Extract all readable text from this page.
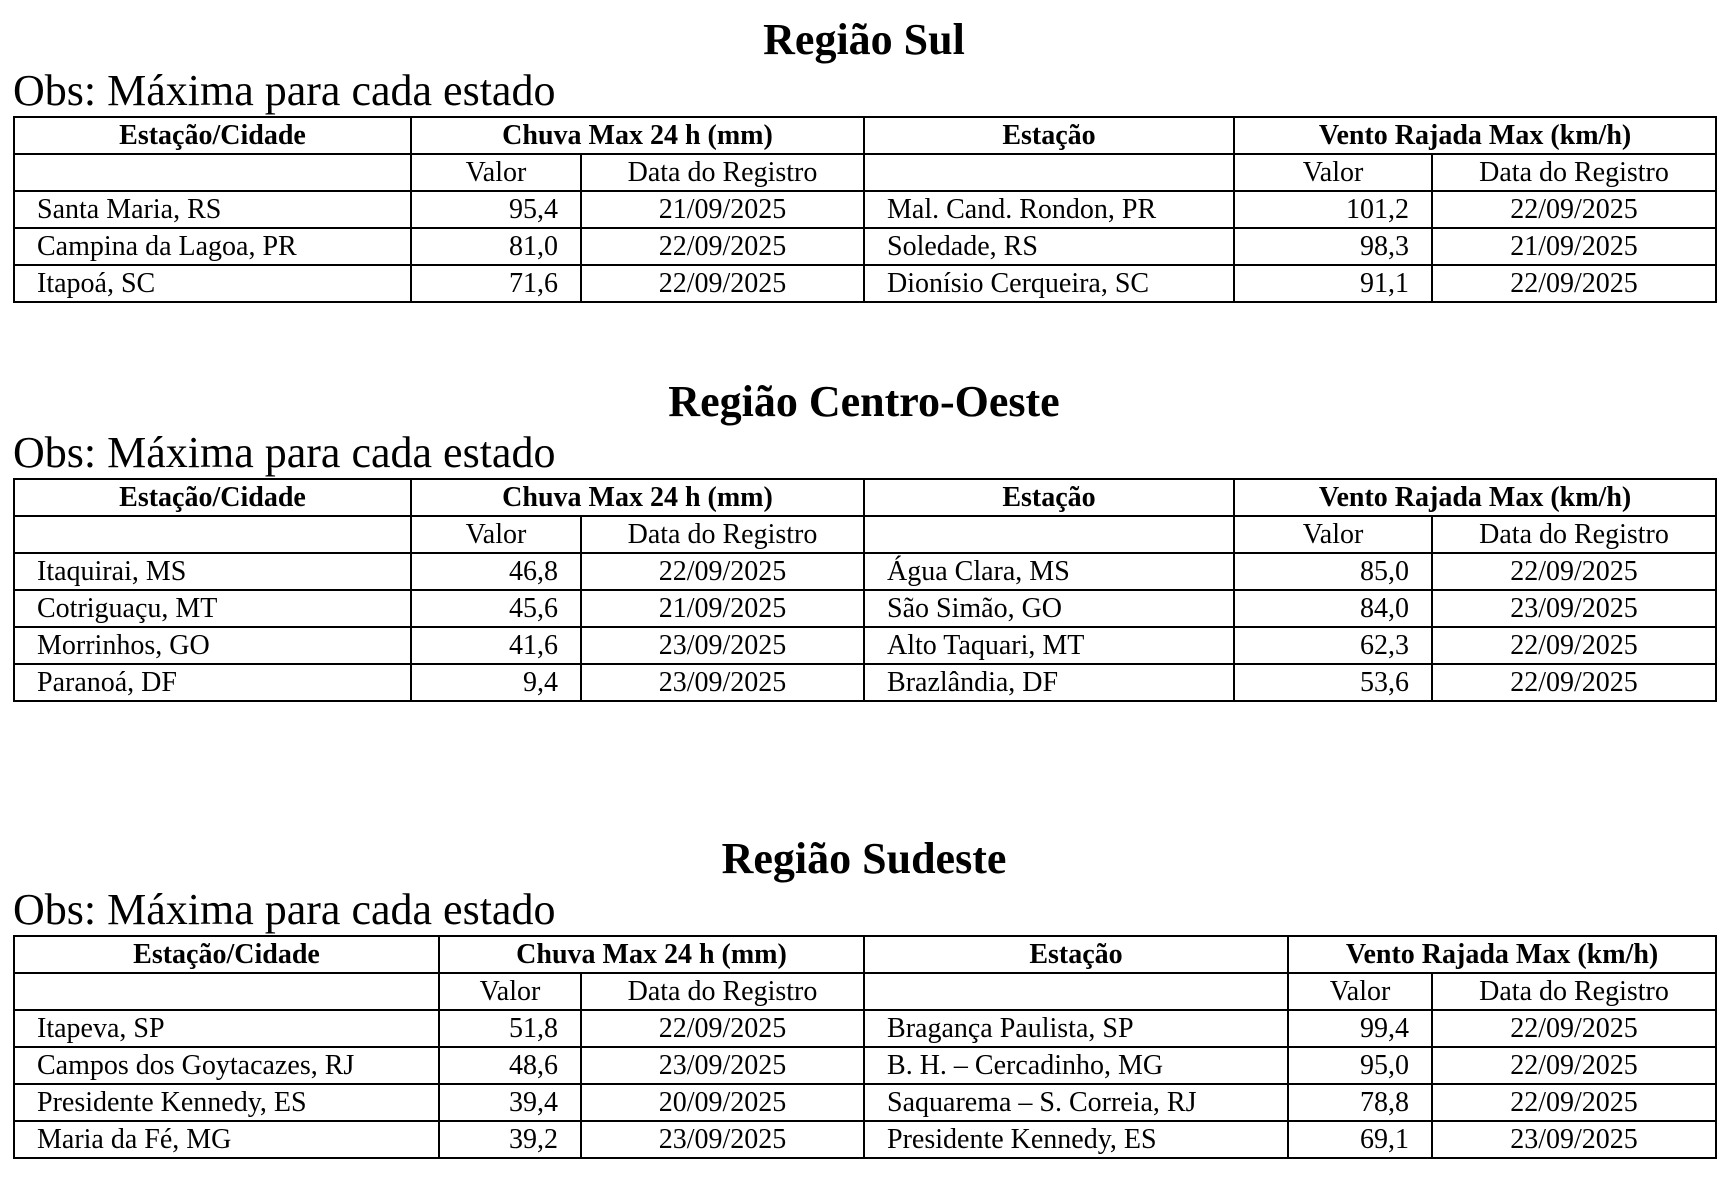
Região Sul
Obs: Máxima para cada estado
Estação/Cidade	Chuva Max 24 h (mm)		Estação	Vento Rajada Max (km/h)	
	Valor	Data do Registro		Valor	Data do Registro
Santa Maria, RS	95,4	21/09/2025	Mal. Cand. Rondon, PR	101,2	22/09/2025
Campina da Lagoa, PR	81,0	22/09/2025	Soledade, RS	98,3	21/09/2025
Itapoá, SC	71,6	22/09/2025	Dionísio Cerqueira, SC	91,1	22/09/2025
Região Centro-Oeste
Obs: Máxima para cada estado
Estação/Cidade	Chuva Max 24 h (mm)		Estação	Vento Rajada Max (km/h)	
	Valor	Data do Registro		Valor	Data do Registro
Itaquirai, MS	46,8	22/09/2025	Água Clara, MS	85,0	22/09/2025
Cotriguaçu, MT	45,6	21/09/2025	São Simão, GO	84,0	23/09/2025
Morrinhos, GO	41,6	23/09/2025	Alto Taquari, MT	62,3	22/09/2025
Paranoá, DF	9,4	23/09/2025	Brazlândia, DF	53,6	22/09/2025
Região Sudeste
Obs: Máxima para cada estado
Estação/Cidade	Chuva Max 24 h (mm)		Estação	Vento Rajada Max (km/h)	
	Valor	Data do Registro		Valor	Data do Registro
Itapeva, SP	51,8	22/09/2025	Bragança Paulista, SP	99,4	22/09/2025
Campos dos Goytacazes, RJ	48,6	23/09/2025	B. H. – Cercadinho, MG	95,0	22/09/2025
Presidente Kennedy, ES	39,4	20/09/2025	Saquarema – S. Correia, RJ	78,8	22/09/2025
Maria da Fé, MG	39,2	23/09/2025	Presidente Kennedy, ES	69,1	23/09/2025
